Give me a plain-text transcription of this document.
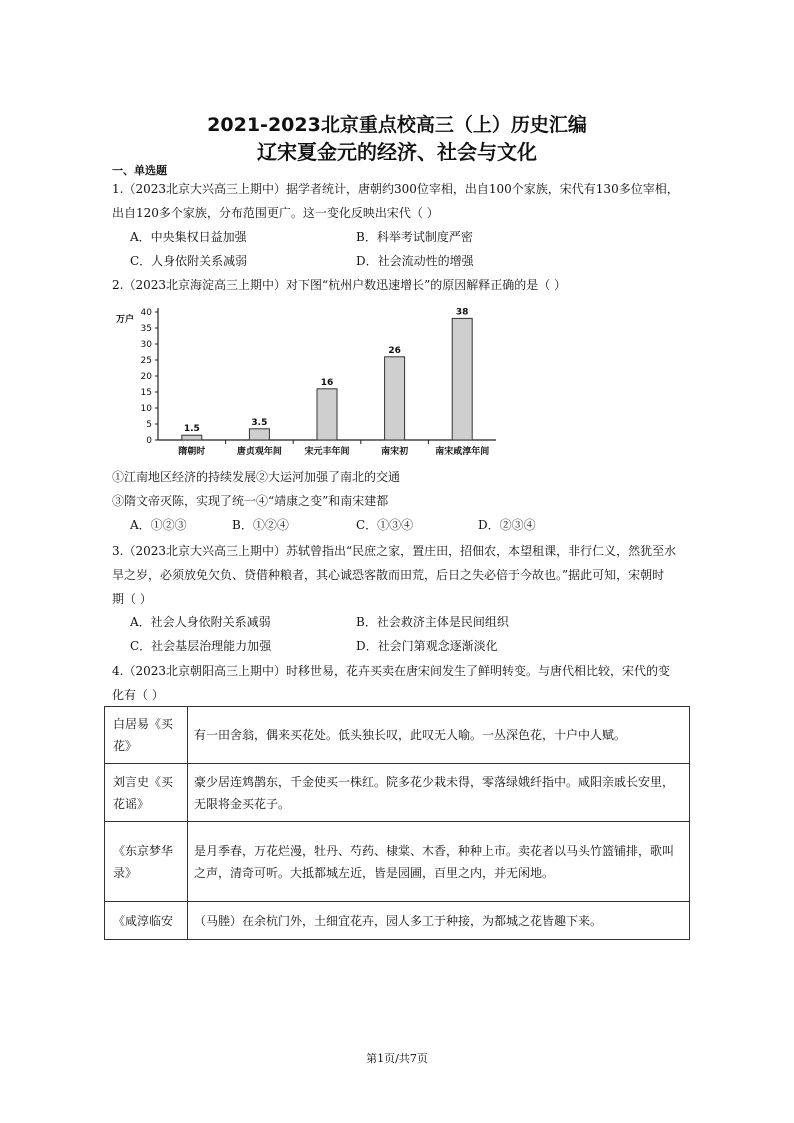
2021-2023北京重点校高三（上）历史汇编
辽宋夏金元的经济、社会与文化
一、单选题
1.（2023北京大兴高三上期中）据学者统计，唐朝约300位宰相，出自100个家族，宋代有130多位宰相，
出自120多个家族，分布范围更广。这一变化反映出宋代（ ）
A．中央集权日益加强	B．科举考试制度严密
C．人身依附关系减弱	D．社会流动性的增强
2.（2023北京海淀高三上期中）对下图“杭州户数迅速增长”的原因解释正确的是（ ）
万户
0
5
10
15
20
25
30
35
40
1.5
隋朝时
3.5
唐贞观年间
16
宋元丰年间
26
南宋初
38
南宋咸淳年间
①江南地区经济的持续发展②大运河加强了南北的交通
③隋文帝灭陈，实现了统一④“靖康之变”和南宋建都
A．①②③	B．①②④	C．①③④	D．②③④
3.（2023北京大兴高三上期中）苏轼曾指出“民庶之家，置庄田，招佃农，本望租课，非行仁义，然犹至水
旱之岁，必须放免欠负、贷借种粮者，其心诚恐客散而田荒，后日之失必倍于今故也。”据此可知，宋朝时
期（ ）
A．社会人身依附关系减弱	B．社会救济主体是民间组织
C．社会基层治理能力加强	D．社会门第观念逐渐淡化
4.（2023北京朝阳高三上期中）时移世易，花卉买卖在唐宋间发生了鲜明转变。与唐代相比较，宋代的变
化有（ ）
白居易《买花》	有一田舍翁，偶来买花处。低头独长叹，此叹无人喻。一丛深色花，十户中人赋。
刘言史《买花谣》	豪少居连鸩鹊东，千金使买一株红。院多花少栽未得，零落绿娥纤指中。咸阳亲戚长安里，无限将金买花子。
《东京梦华录》	是月季春，万花烂漫，牡丹、芍药、棣棠、木香，种种上市。卖花者以马头竹篮铺排，歌叫之声，清奇可听。大抵都城左近，皆是园圃，百里之内，并无闲地。
《咸淳临安	（马塍）在余杭门外，土细宜花卉，园人多工于种接，为都城之花皆趣下来。
第1页/共7页
